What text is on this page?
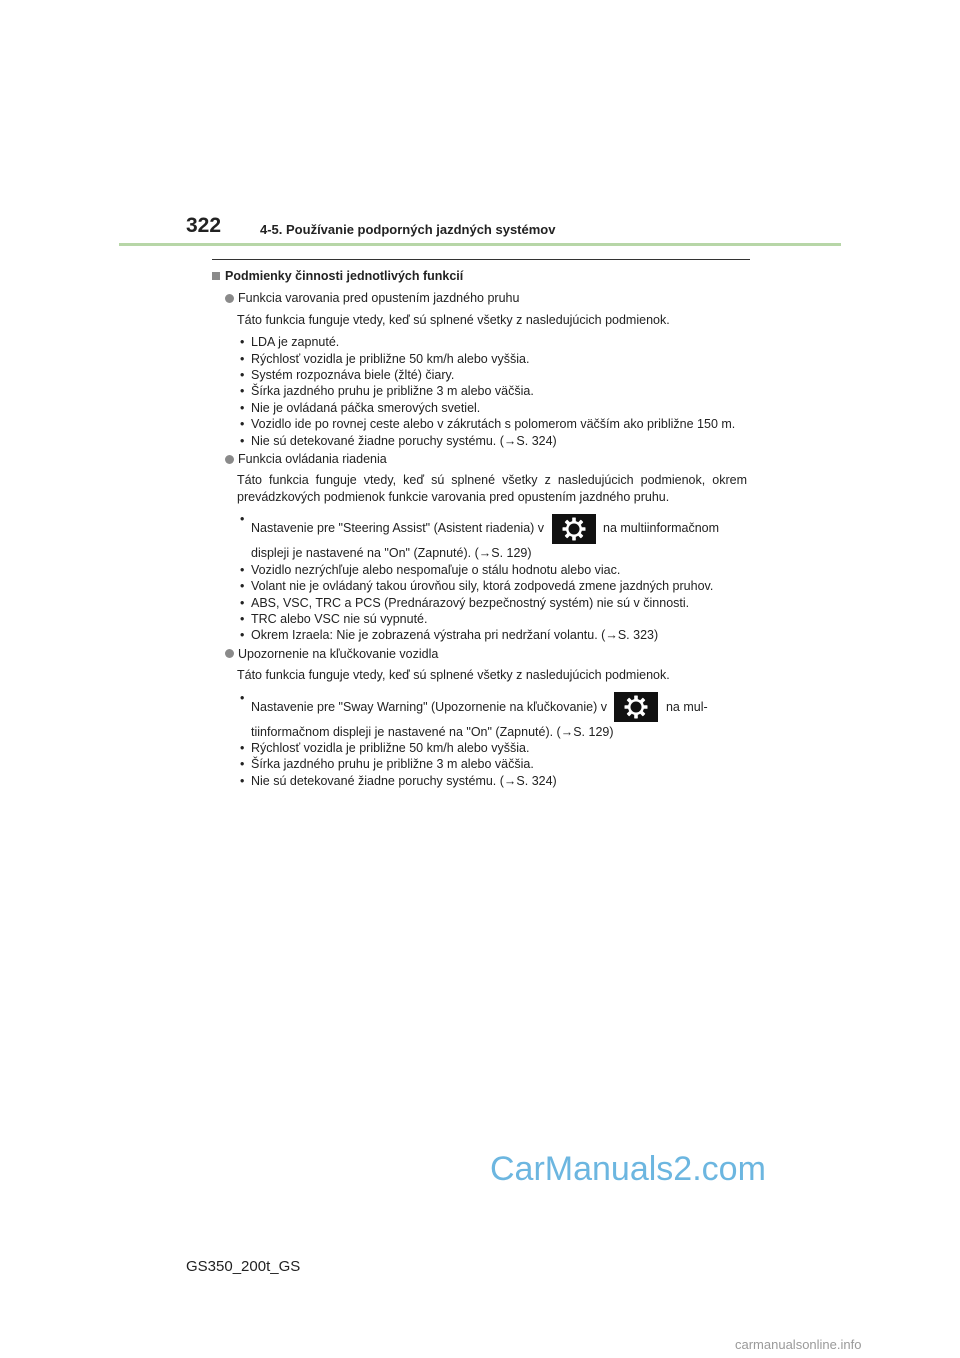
322	4-5. Používanie podporných jazdných systémov
Podmienky činnosti jednotlivých funkcií
Funkcia varovania pred opustením jazdného pruhu
Táto funkcia funguje vtedy, keď sú splnené všetky z nasledujúcich podmienok.
• LDA je zapnuté.
• Rýchlosť vozidla je približne 50 km/h alebo vyššia.
• Systém rozpoznáva biele (žlté) čiary.
• Šírka jazdného pruhu je približne 3 m alebo väčšia.
• Nie je ovládaná páčka smerových svetiel.
• Vozidlo ide po rovnej ceste alebo v zákrutách s polomerom väčším ako približne 150 m.
• Nie sú detekované žiadne poruchy systému. (→S. 324)
Funkcia ovládania riadenia
Táto funkcia funguje vtedy, keď sú splnené všetky z nasledujúcich podmienok, okrem prevádzkových podmienok funkcie varovania pred opustením jazdného pruhu.
• Nastavenie pre "Steering Assist" (Asistent riadenia) v	na multiinformačnom
displeji je nastavené na "On" (Zapnuté). (→S. 129)
• Vozidlo nezrýchľuje alebo nespomaľuje o stálu hodnotu alebo viac.
• Volant nie je ovládaný takou úrovňou sily, ktorá zodpovedá zmene jazdných pruhov.
• ABS, VSC, TRC a PCS (Prednárazový bezpečnostný systém) nie sú v činnosti.
• TRC alebo VSC nie sú vypnuté.
• Okrem Izraela: Nie je zobrazená výstraha pri nedržaní volantu. (→S. 323)
Upozornenie na kľučkovanie vozidla
Táto funkcia funguje vtedy, keď sú splnené všetky z nasledujúcich podmienok.
• Nastavenie pre "Sway Warning" (Upozornenie na kľučkovanie) v	na mul-
tiinformačnom displeji je nastavené na "On" (Zapnuté). (→S. 129)
• Rýchlosť vozidla je približne 50 km/h alebo vyššia.
• Šírka jazdného pruhu je približne 3 m alebo väčšia.
• Nie sú detekované žiadne poruchy systému. (→S. 324)
CarManuals2.com
GS350_200t_GS
carmanualsonline.info
